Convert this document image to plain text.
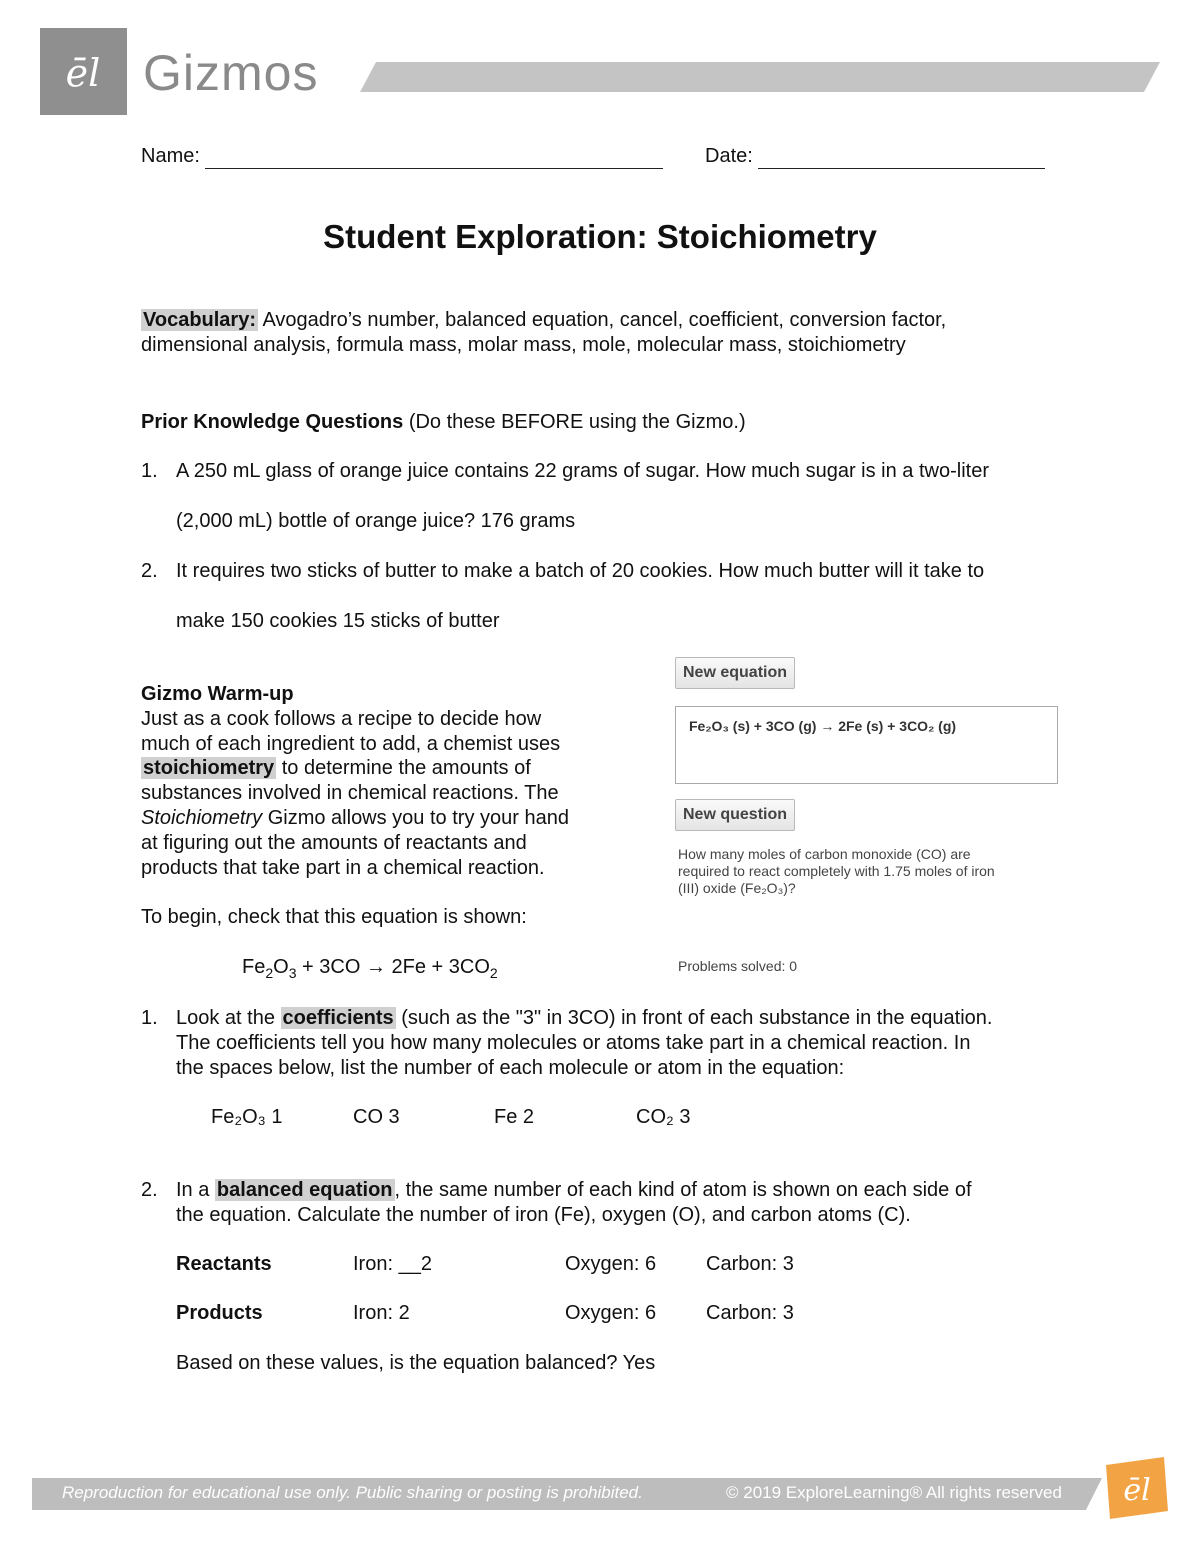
ēl Gizmos
Name:	Date:
Student Exploration: Stoichiometry
Vocabulary: Avogadro’s number, balanced equation, cancel, coefficient, conversion factor,
dimensional analysis, formula mass, molar mass, mole, molecular mass, stoichiometry
Prior Knowledge Questions (Do these BEFORE using the Gizmo.)
1. A 250 mL glass of orange juice contains 22 grams of sugar. How much sugar is in a two-liter
(2,000 mL) bottle of orange juice? 176 grams
2. It requires two sticks of butter to make a batch of 20 cookies. How much butter will it take to
make 150 cookies 15 sticks of butter
Gizmo Warm-up
Just as a cook follows a recipe to decide how
much of each ingredient to add, a chemist uses
stoichiometry to determine the amounts of
substances involved in chemical reactions. The
Stoichiometry Gizmo allows you to try your hand
at figuring out the amounts of reactants and
products that take part in a chemical reaction.
To begin, check that this equation is shown:
$Fe_2O_3 + 3CO \to 2Fe + 3CO_2$
New equation
Fe₂O₃ (s) + 3CO (g) → 2Fe (s) + 3CO₂ (g)
New question
How many moles of carbon monoxide (CO) are
required to react completely with 1.75 moles of iron
(III) oxide (Fe₂O₃)?
Problems solved: 0
1. Look at the coefficients (such as the "3" in 3CO) in front of each substance in the equation.
The coefficients tell you how many molecules or atoms take part in a chemical reaction. In
the spaces below, list the number of each molecule or atom in the equation:
Fe₂O₃ 1	CO 3	Fe 2	CO₂ 3
2. In a balanced equation , the same number of each kind of atom is shown on each side of
the equation. Calculate the number of iron (Fe), oxygen (O), and carbon atoms (C).
Reactants	Iron: __2	Oxygen: 6 Carbon: 3
Products	Iron: 2	Oxygen: 6 Carbon: 3
Based on these values, is the equation balanced? Yes
Reproduction for educational use only. Public sharing or posting is prohibited.	© 2019 ExploreLearning® All rights reserved ēl
